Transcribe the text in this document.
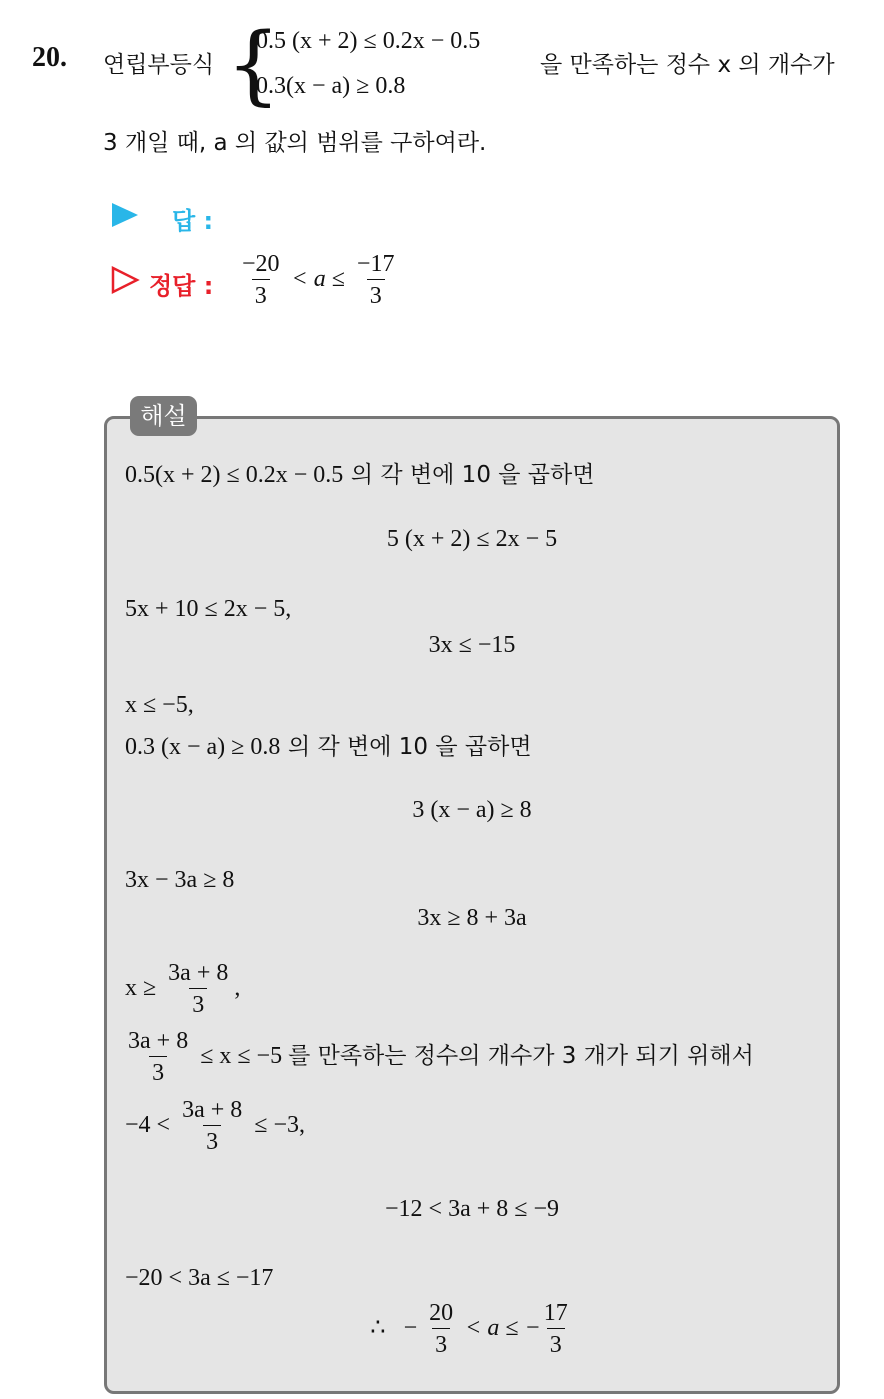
20. 연립부등식 {
0.5 (x + 2) ≤ 0.2x − 0.5
0.3(x − a) ≥ 0.8
을 만족하는 정수 x 의 개수가
3 개일 때, a 의 값의 범위를 구하여라.
답 :
정답 : $\frac{-20}{3} < a \le \frac{-17}{3}$
해설
0.5(x + 2) ≤ 0.2x − 0.5 의 각 변에 10 을 곱하면
5 (x + 2) ≤ 2x − 5
5x + 10 ≤ 2x − 5,
3x ≤ −15
x ≤ −5,
0.3 (x − a) ≥ 0.8 의 각 변에 10 을 곱하면
3 (x − a) ≥ 8
3x − 3a ≥ 8
3x ≥ 8 + 3a
$x \ge \frac{3a + 8}{3}$ ,
$\frac{3a + 8}{3} \le x \le -5$ 를 만족하는 정수의 개수가 3 개가 되기 위해서
$-4 < \frac{3a + 8}{3} \le -3$,
−12 < 3a + 8 ≤ −9
−20 < 3a ≤ −17
∴ − $\frac{20}{3} < a$ ≤ − $\frac{17}{3}$
